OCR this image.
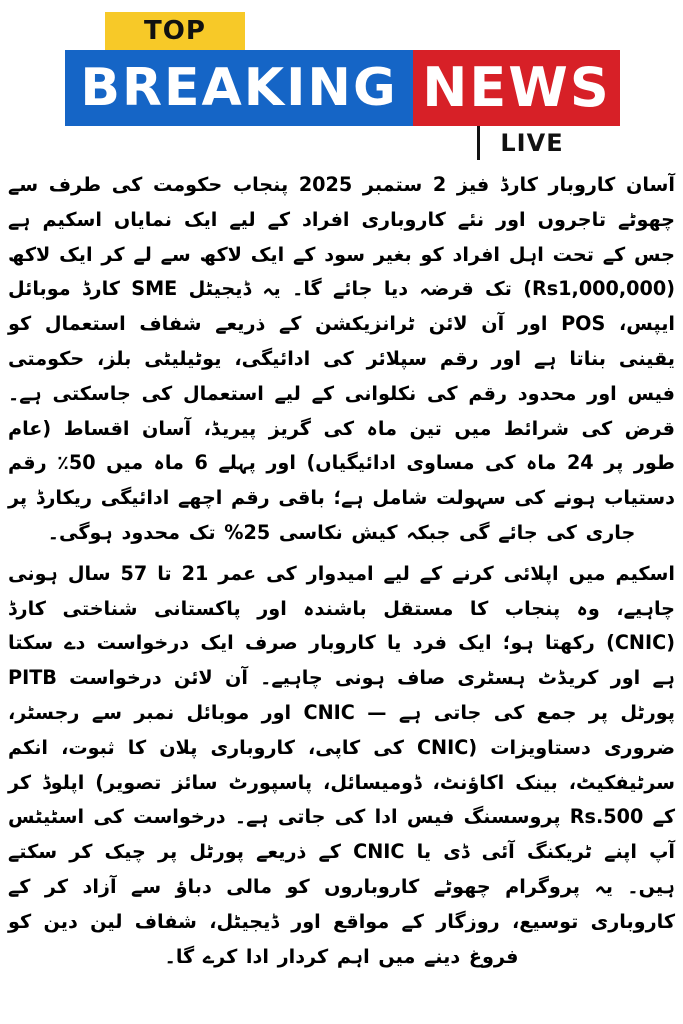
TOP
BREAKING NEWS
LIVE

آسان کاروبار کارڈ فیز 2 ستمبر 2025 پنجاب حکومت کی طرف سے چھوٹے تاجروں اور نئے کاروباری افراد کے لیے ایک نمایاں اسکیم ہے جس کے تحت اہل افراد کو بغیر سود کے ایک لاکھ سے لے کر ایک لاکھ (Rs1,000,000) تک قرضہ دیا جائے گا۔ یہ ڈیجیٹل SME کارڈ موبائل ایپس، POS اور آن لائن ٹرانزیکشن کے ذریعے شفاف استعمال کو یقینی بناتا ہے اور رقم سپلائر کی ادائیگی، یوٹیلیٹی بلز، حکومتی فیس اور محدود رقم کی نکلوانی کے لیے استعمال کی جاسکتی ہے۔ قرض کی شرائط میں تین ماہ کی گریز پیریڈ، آسان اقساط (عام طور پر 24 ماہ کی مساوی ادائیگیاں) اور پہلے 6 ماہ میں 50٪ رقم دستیاب ہونے کی سہولت شامل ہے؛ باقی رقم اچھے ادائیگی ریکارڈ پر جاری کی جائے گی جبکہ کیش نکاسی 25% تک محدود ہوگی۔

اسکیم میں اپلائی کرنے کے لیے امیدوار کی عمر 21 تا 57 سال ہونی چاہیے، وہ پنجاب کا مستقل باشندہ اور پاکستانی شناختی کارڈ (CNIC) رکھتا ہو؛ ایک فرد یا کاروبار صرف ایک درخواست دے سکتا ہے اور کریڈٹ ہسٹری صاف ہونی چاہیے۔ آن لائن درخواست PITB پورٹل پر جمع کی جاتی ہے — CNIC اور موبائل نمبر سے رجسٹر، ضروری دستاویزات (CNIC کی کاپی، کاروباری پلان کا ثبوت، انکم سرٹیفکیٹ، بینک اکاؤنٹ، ڈومیسائل، پاسپورٹ سائز تصویر) اپلوڈ کر کے Rs.500 پروسسنگ فیس ادا کی جاتی ہے۔ درخواست کی اسٹیٹس آپ اپنے ٹریکنگ آئی ڈی یا CNIC کے ذریعے پورٹل پر چیک کر سکتے ہیں۔ یہ پروگرام چھوٹے کاروباروں کو مالی دباؤ سے آزاد کر کے کاروباری توسیع، روزگار کے مواقع اور ڈیجیٹل، شفاف لین دین کو فروغ دینے میں اہم کردار ادا کرے گا۔
